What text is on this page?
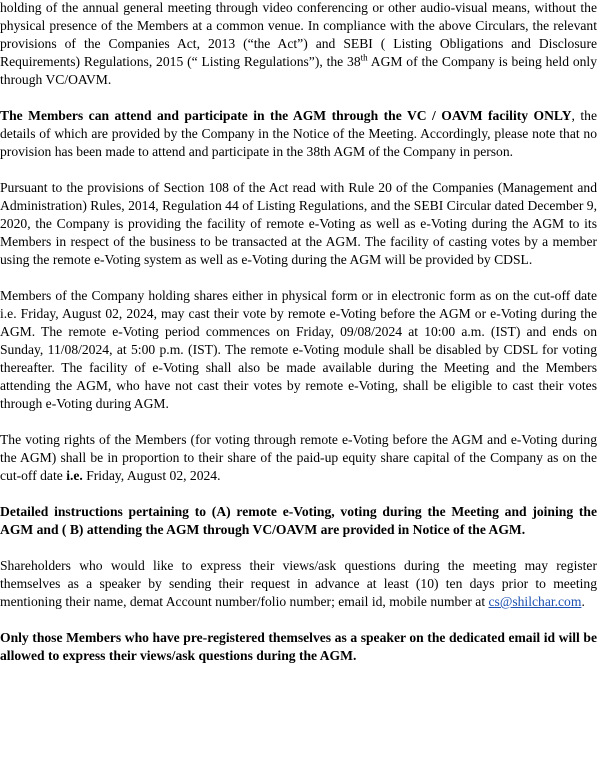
holding of the annual general meeting through video conferencing or other audio-visual means, without the physical presence of the Members at a common venue. In compliance with the above Circulars, the relevant provisions of the Companies Act, 2013 (“the Act”) and SEBI ( Listing Obligations and Disclosure Requirements) Regulations, 2015 (“ Listing Regulations”), the 38th AGM of the Company is being held only through VC/OAVM.

The Members can attend and participate in the AGM through the VC / OAVM facility ONLY, the details of which are provided by the Company in the Notice of the Meeting. Accordingly, please note that no provision has been made to attend and participate in the 38th AGM of the Company in person.

Pursuant to the provisions of Section 108 of the Act read with Rule 20 of the Companies (Management and Administration) Rules, 2014, Regulation 44 of Listing Regulations, and the SEBI Circular dated December 9, 2020, the Company is providing the facility of remote e-Voting as well as e-Voting during the AGM to its Members in respect of the business to be transacted at the AGM. The facility of casting votes by a member using the remote e-Voting system as well as e-Voting during the AGM will be provided by CDSL.

Members of the Company holding shares either in physical form or in electronic form as on the cut-off date i.e. Friday, August 02, 2024, may cast their vote by remote e-Voting before the AGM or e-Voting during the AGM. The remote e-Voting period commences on Friday, 09/08/2024 at 10:00 a.m. (IST) and ends on Sunday, 11/08/2024, at 5:00 p.m. (IST). The remote e-Voting module shall be disabled by CDSL for voting thereafter. The facility of e-Voting shall also be made available during the Meeting and the Members attending the AGM, who have not cast their votes by remote e-Voting, shall be eligible to cast their votes through e-Voting during AGM.

The voting rights of the Members (for voting through remote e-Voting before the AGM and e-Voting during the AGM) shall be in proportion to their share of the paid-up equity share capital of the Company as on the cut-off date i.e. Friday, August 02, 2024.

Detailed instructions pertaining to (A) remote e-Voting, voting during the Meeting and joining the AGM and ( B) attending the AGM through VC/OAVM are provided in Notice of the AGM.

Shareholders who would like to express their views/ask questions during the meeting may register themselves as a speaker by sending their request in advance at least (10) ten days prior to meeting mentioning their name, demat Account number/folio number; email id, mobile number at cs@shilchar.com.

Only those Members who have pre-registered themselves as a speaker on the dedicated email id will be allowed to express their views/ask questions during the AGM.
